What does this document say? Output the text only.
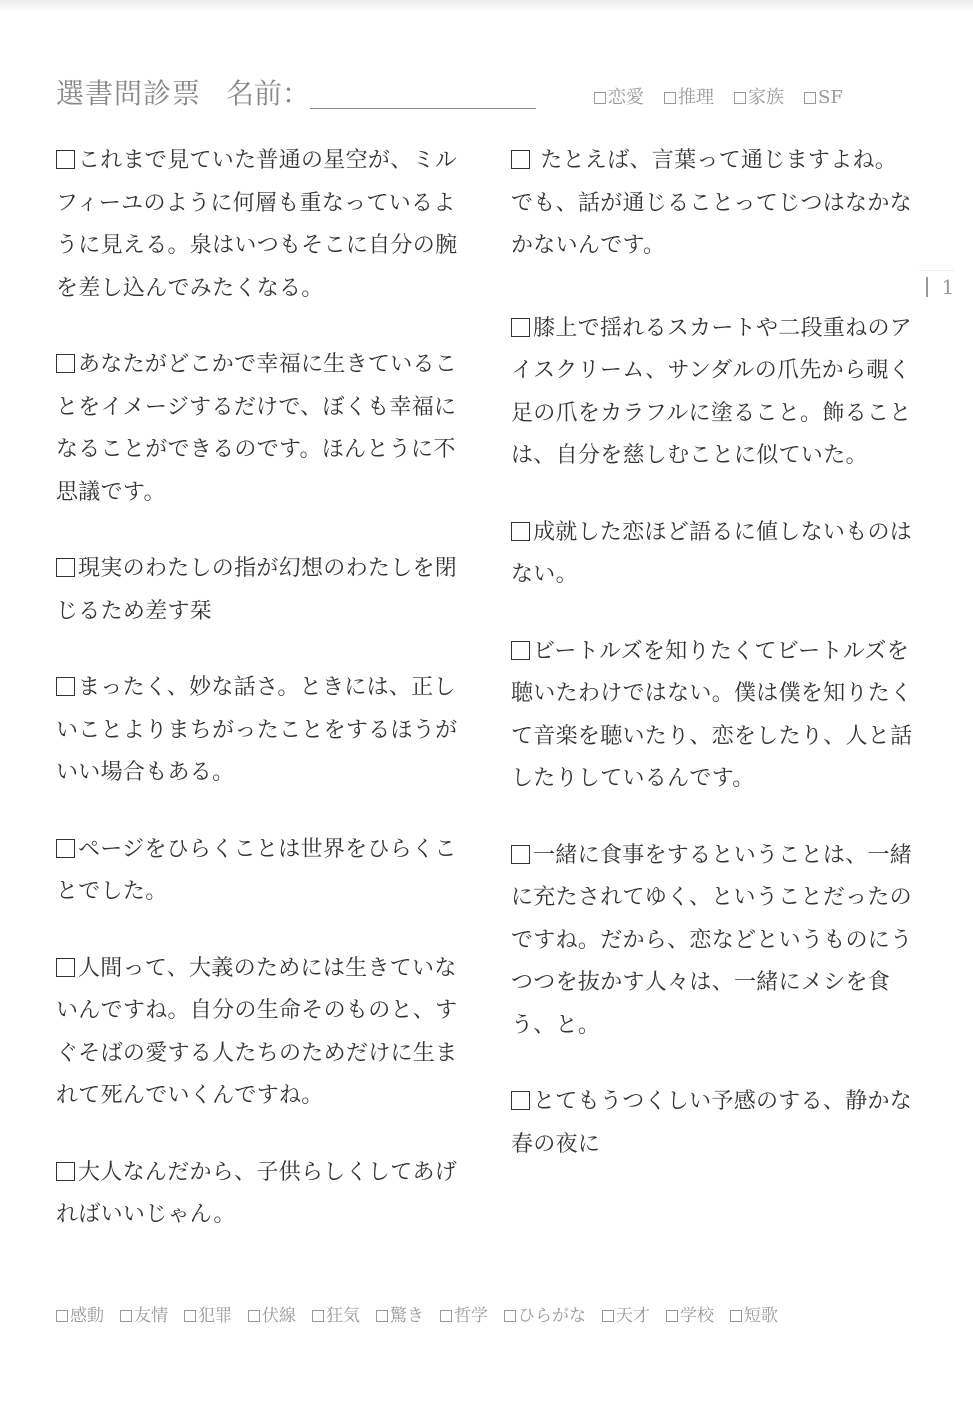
選書問診票 名前：	恋愛 推理 家族 SF
これまで見ていた普通の星空が、ミルフィーユのように何層も重なっているように見える。泉はいつもそこに自分の腕を差し込んでみたくなる。
あなたがどこかで幸福に生きていることをイメージするだけで、ぼくも幸福になることができるのです。ほんとうに不思議です。
現実のわたしの指が幻想のわたしを閉じるため差す栞
まったく、妙な話さ。ときには、正しいことよりまちがったことをするほうがいい場合もある。
ページをひらくことは世界をひらくことでした。
人間って、大義のためには生きていないんですね。自分の生命そのものと、すぐそばの愛する人たちのためだけに生まれて死んでいくんですね。
大人なんだから、子供らしくしてあげればいいじゃん。
たとえば、言葉って通じますよね。でも、話が通じることってじつはなかなかないんです。
膝上で揺れるスカートや二段重ねのアイスクリーム、サンダルの爪先から覗く足の爪をカラフルに塗ること。飾ることは、自分を慈しむことに似ていた。
成就した恋ほど語るに値しないものはない。
ビートルズを知りたくてビートルズを聴いたわけではない。僕は僕を知りたくて音楽を聴いたり、恋をしたり、人と話したりしているんです。
一緒に食事をするということは、一緒に充たされてゆく、ということだったのですね。だから、恋などというものにうつつを抜かす人々は、一緒にメシを食う、と。
とてもうつくしい予感のする、静かな春の夜に
1
感動 友情 犯罪 伏線 狂気 驚き 哲学 ひらがな 天才 学校 短歌
